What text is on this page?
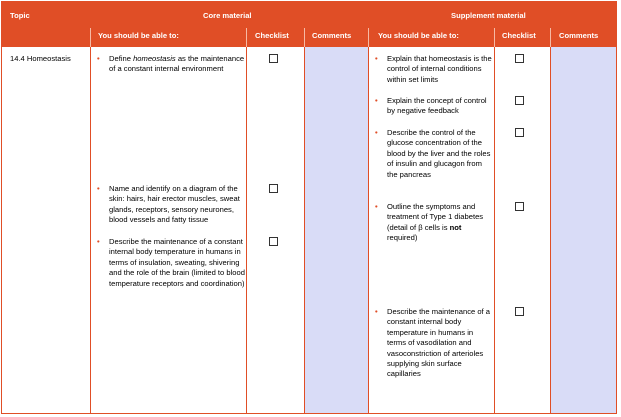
Topic	Core material	Supplement material
You should be able to:	Checklist	Comments	You should be able to:	Checklist	Comments
14.4 Homeostasis
•	Define homeostasis as the maintenance of a constant internal environment
• Name and identify on a diagram of the skin: hairs, hair erector muscles, sweat glands, receptors, sensory neurones, blood vessels and fatty tissue
• Describe the maintenance of a constant internal body temperature in humans in terms of insulation, sweating, shivering and the role of the brain (limited to blood temperature receptors and coordination)
• Explain that homeostasis is the control of internal conditions within set limits
• Explain the concept of control by negative feedback
• Describe the control of the glucose concentration of the blood by the liver and the roles of insulin and glucagon from the pancreas
• Outline the symptoms and treatment of Type 1 diabetes (detail of β cells is not required)
• Describe the maintenance of a constant internal body temperature in humans in terms of vasodilation and vasoconstriction of arterioles supplying skin surface capillaries
